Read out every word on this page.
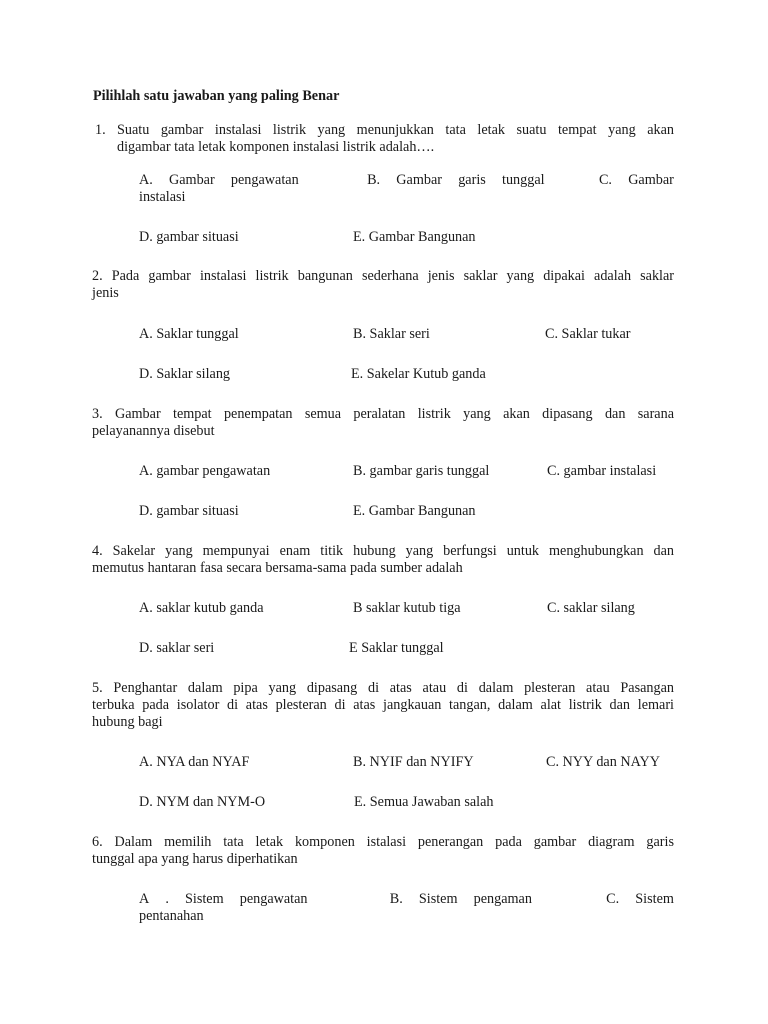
Pilihlah satu jawaban yang paling Benar
1. Suatu gambar instalasi listrik yang menunjukkan tata letak suatu tempat yang akan
digambar tata letak komponen instalasi listrik adalah….
A. Gambar pengawatan	B. Gambar garis tunggal	C. Gambar
instalasi
D. gambar situasi	E. Gambar Bangunan
2. Pada gambar instalasi listrik bangunan sederhana jenis saklar yang dipakai adalah saklar
jenis
A. Saklar tunggal	B. Saklar seri	C. Saklar tukar
D. Saklar silang	E. Sakelar Kutub ganda
3. Gambar tempat penempatan semua peralatan listrik yang akan dipasang dan sarana
pelayanannya disebut
A. gambar pengawatan	B. gambar garis tunggal	C. gambar instalasi
D. gambar situasi	E. Gambar Bangunan
4. Sakelar yang mempunyai enam titik hubung yang berfungsi untuk menghubungkan dan
memutus hantaran fasa secara bersama-sama pada sumber adalah
A. saklar kutub ganda	B saklar kutub tiga	C. saklar silang
D. saklar seri	E Saklar tunggal
5. Penghantar dalam pipa yang dipasang di atas atau di dalam plesteran atau Pasangan
terbuka pada isolator di atas plesteran di atas jangkauan tangan, dalam alat listrik dan lemari
hubung bagi
A. NYA dan NYAF	B. NYIF dan NYIFY	C. NYY dan NAYY
D. NYM dan NYM-O	E. Semua Jawaban salah
6. Dalam memilih tata letak komponen istalasi penerangan pada gambar diagram garis
tunggal apa yang harus diperhatikan
A . Sistem pengawatan	B. Sistem pengaman	C. Sistem
pentanahan
